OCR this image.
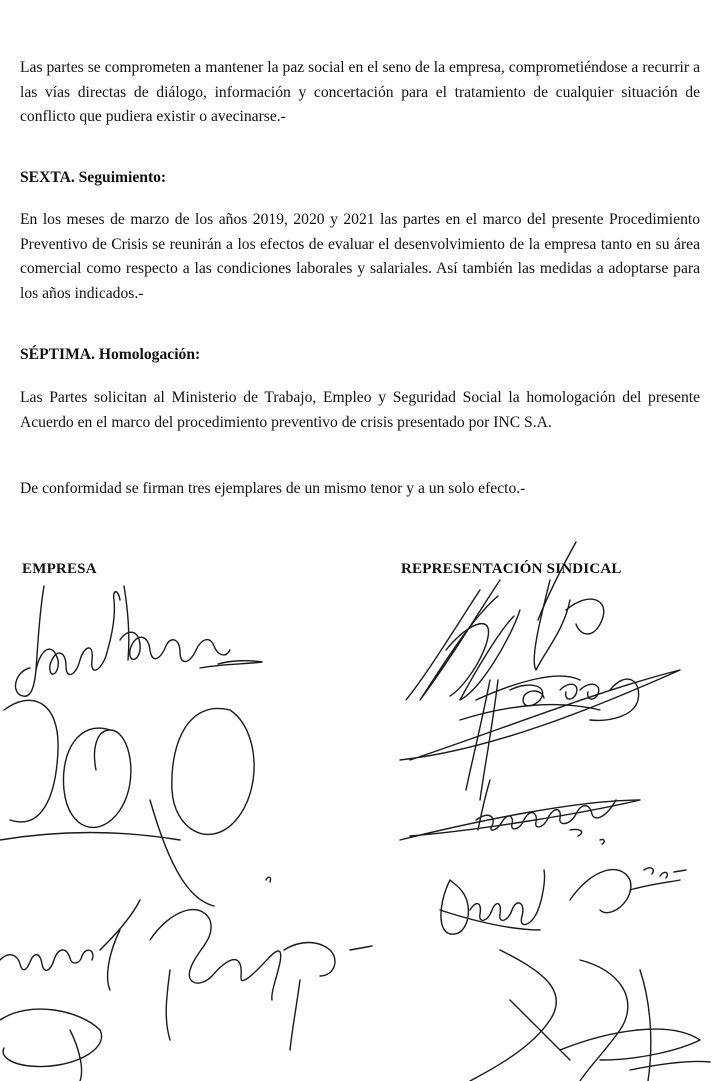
Las partes se comprometen a mantener la paz social en el seno de la empresa, comprometiéndose a recurrir a las vías directas de diálogo, información y concertación para el tratamiento de cualquier situación de conflicto que pudiera existir o avecinarse.-

SEXTA. Seguimiento:

En los meses de marzo de los años 2019, 2020 y 2021 las partes en el marco del presente Procedimiento Preventivo de Crisis se reunirán a los efectos de evaluar el desenvolvimiento de la empresa tanto en su área comercial como respecto a las condiciones laborales y salariales. Así también las medidas a adoptarse para los años indicados.-

SÉPTIMA. Homologación:

Las Partes solicitan al Ministerio de Trabajo, Empleo y Seguridad Social la homologación del presente Acuerdo en el marco del procedimiento preventivo de crisis presentado por INC S.A.

De conformidad se firman tres ejemplares de un mismo tenor y a un solo efecto.-

EMPRESA	REPRESENTACIÓN SINDICAL
